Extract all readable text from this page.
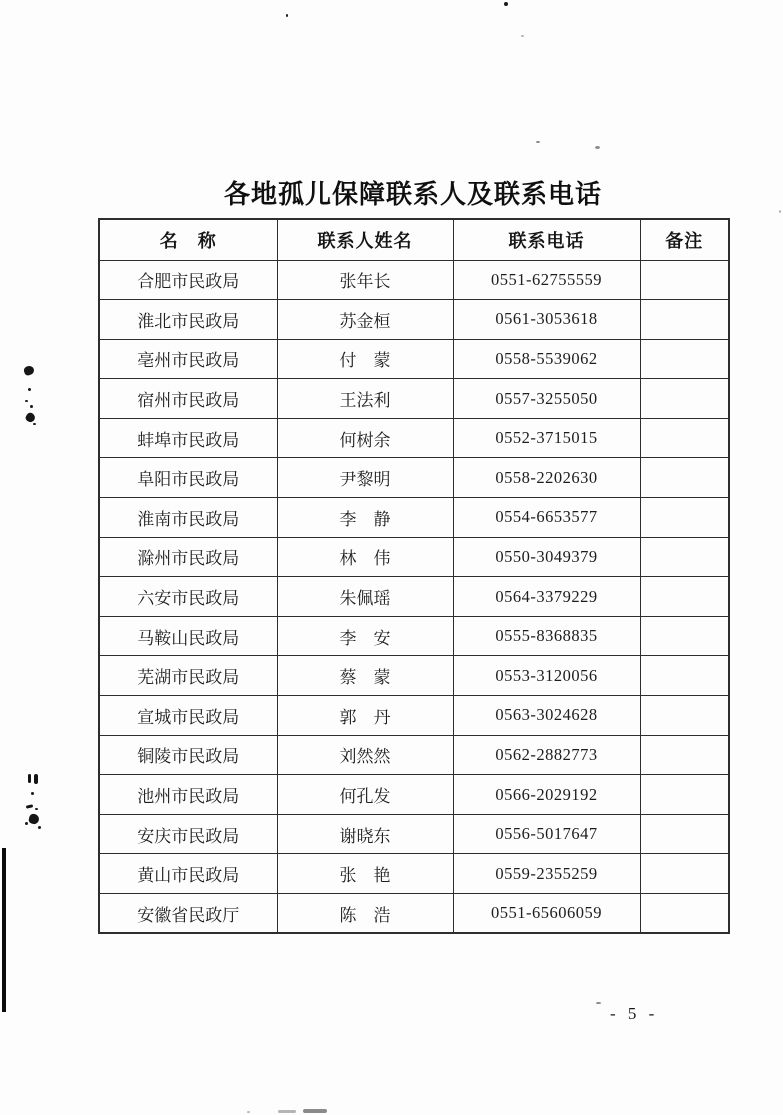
各地孤儿保障联系人及联系电话
名　称	联系人姓名	联系电话	备注
合肥市民政局	张年长	0551-62755559	
淮北市民政局	苏金桓	0561-3053618	
亳州市民政局	付　蒙	0558-5539062	
宿州市民政局	王法利	0557-3255050	
蚌埠市民政局	何树余	0552-3715015	
阜阳市民政局	尹黎明	0558-2202630	
淮南市民政局	李　静	0554-6653577	
滁州市民政局	林　伟	0550-3049379	
六安市民政局	朱佩瑶	0564-3379229	
马鞍山民政局	李　安	0555-8368835	
芜湖市民政局	蔡　蒙	0553-3120056	
宣城市民政局	郭　丹	0563-3024628	
铜陵市民政局	刘然然	0562-2882773	
池州市民政局	何孔发	0566-2029192	
安庆市民政局	谢晓东	0556-5017647	
黄山市民政局	张　艳	0559-2355259	
安徽省民政厅	陈　浩	0551-65606059	
- 5 -
